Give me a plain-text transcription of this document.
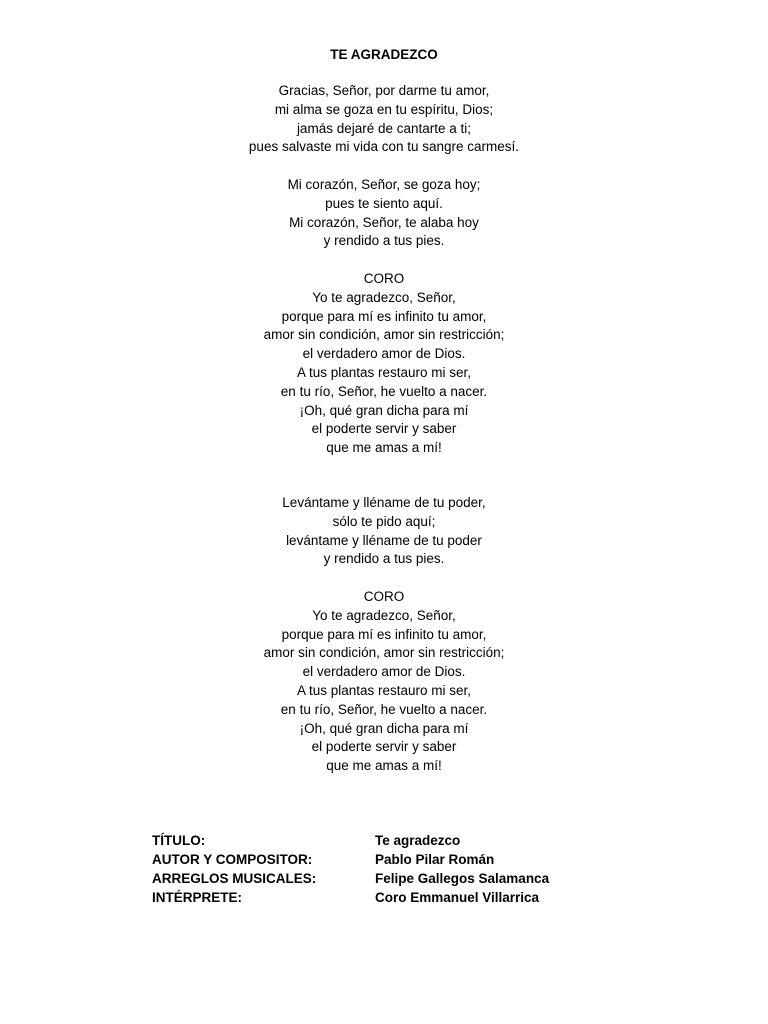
TE AGRADEZCO
Gracias, Señor, por darme tu amor,
mi alma se goza en tu espíritu, Dios;
jamás dejaré de cantarte a ti;
pues salvaste mi vida con tu sangre carmesí.
Mi corazón, Señor, se goza hoy;
pues te siento aquí.
Mi corazón, Señor, te alaba hoy
y rendido a tus pies.
CORO
Yo te agradezco, Señor,
porque para mí es infinito tu amor,
amor sin condición, amor sin restricción;
el verdadero amor de Dios.
A tus plantas restauro mi ser,
en tu río, Señor, he vuelto a nacer.
¡Oh, qué gran dicha para mí
el poderte servir y saber
que me amas a mí!
Levántame y lléname de tu poder,
sólo te pido aquí;
levántame y lléname de tu poder
y rendido a tus pies.
CORO
Yo te agradezco, Señor,
porque para mí es infinito tu amor,
amor sin condición, amor sin restricción;
el verdadero amor de Dios.
A tus plantas restauro mi ser,
en tu río, Señor, he vuelto a nacer.
¡Oh, qué gran dicha para mí
el poderte servir y saber
que me amas a mí!
TÍTULO:	Te agradezco
AUTOR Y COMPOSITOR:	Pablo Pilar Román
ARREGLOS MUSICALES:	Felipe Gallegos Salamanca
INTÉRPRETE:	Coro Emmanuel Villarrica
